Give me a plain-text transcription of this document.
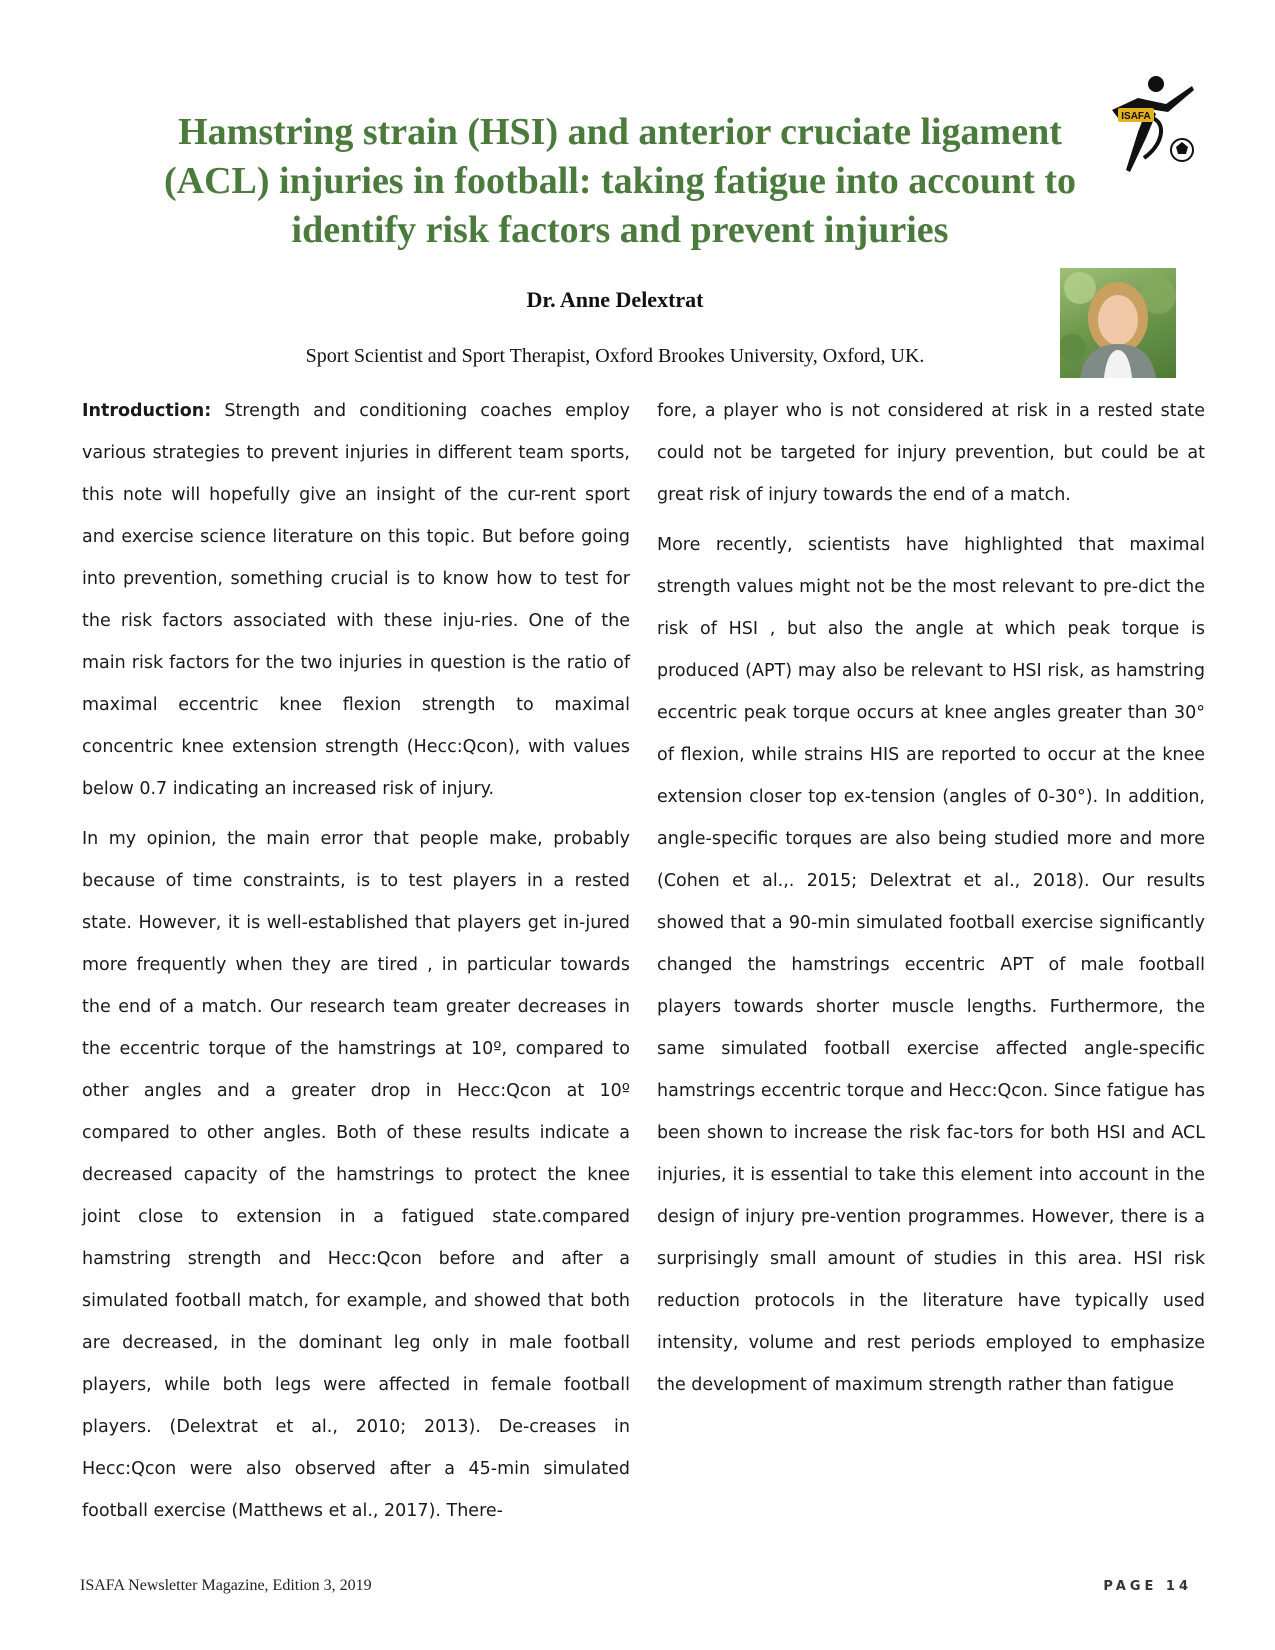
Hamstring strain (HSI) and anterior cruciate ligament
(ACL) injuries in football: taking fatigue into account to
identify risk factors and prevent injuries
ISAFA
Dr. Anne Delextrat
Sport Scientist and Sport Therapist, Oxford Brookes University, Oxford, UK.

Introduction: Strength and conditioning coaches employ various strategies to prevent injuries in different team sports, this note will hopefully give an insight of the cur-rent sport and exercise science literature on this topic. But before going into prevention, something crucial is to know how to test for the risk factors associated with these inju-ries. One of the main risk factors for the two injuries in question is the ratio of maximal eccentric knee flexion strength to maximal concentric knee extension strength (Hecc:Qcon), with values below 0.7 indicating an increased risk of injury.

In my opinion, the main error that people make, probably because of time constraints, is to test players in a rested state. However, it is well-established that players get in-jured more frequently when they are tired , in particular towards the end of a match. Our research team greater decreases in the eccentric torque of the hamstrings at 10º, compared to other angles and a greater drop in Hecc:Qcon at 10º compared to other angles. Both of these results indicate a decreased capacity of the hamstrings to protect the knee joint close to extension in a fatigued state.compared hamstring strength and Hecc:Qcon before and after a simulated football match, for example, and showed that both are decreased, in the dominant leg only in male football players, while both legs were affected in female football players. (Delextrat et al., 2010; 2013). De-creases in Hecc:Qcon were also observed after a 45-min simulated football exercise (Matthews et al., 2017). There-

fore, a player who is not considered at risk in a rested state could not be targeted for injury prevention, but could be at great risk of injury towards the end of a match.

More recently, scientists have highlighted that maximal strength values might not be the most relevant to pre-dict the risk of HSI , but also the angle at which peak torque is produced (APT) may also be relevant to HSI risk, as hamstring eccentric peak torque occurs at knee angles greater than 30° of flexion, while strains HIS are reported to occur at the knee extension closer top ex-tension (angles of 0-30°). In addition, angle-specific torques are also being studied more and more (Cohen et al.,. 2015; Delextrat et al., 2018). Our results showed that a 90-min simulated football exercise significantly changed the hamstrings eccentric APT of male football players towards shorter muscle lengths. Furthermore, the same simulated football exercise affected angle-specific hamstrings eccentric torque and Hecc:Qcon. Since fatigue has been shown to increase the risk fac-tors for both HSI and ACL injuries, it is essential to take this element into account in the design of injury pre-vention programmes. However, there is a surprisingly small amount of studies in this area. HSI risk reduction protocols in the literature have typically used intensity, volume and rest periods employed to emphasize the development of maximum strength rather than fatigue

ISAFA Newsletter Magazine, Edition 3, 2019	PAGE 14
